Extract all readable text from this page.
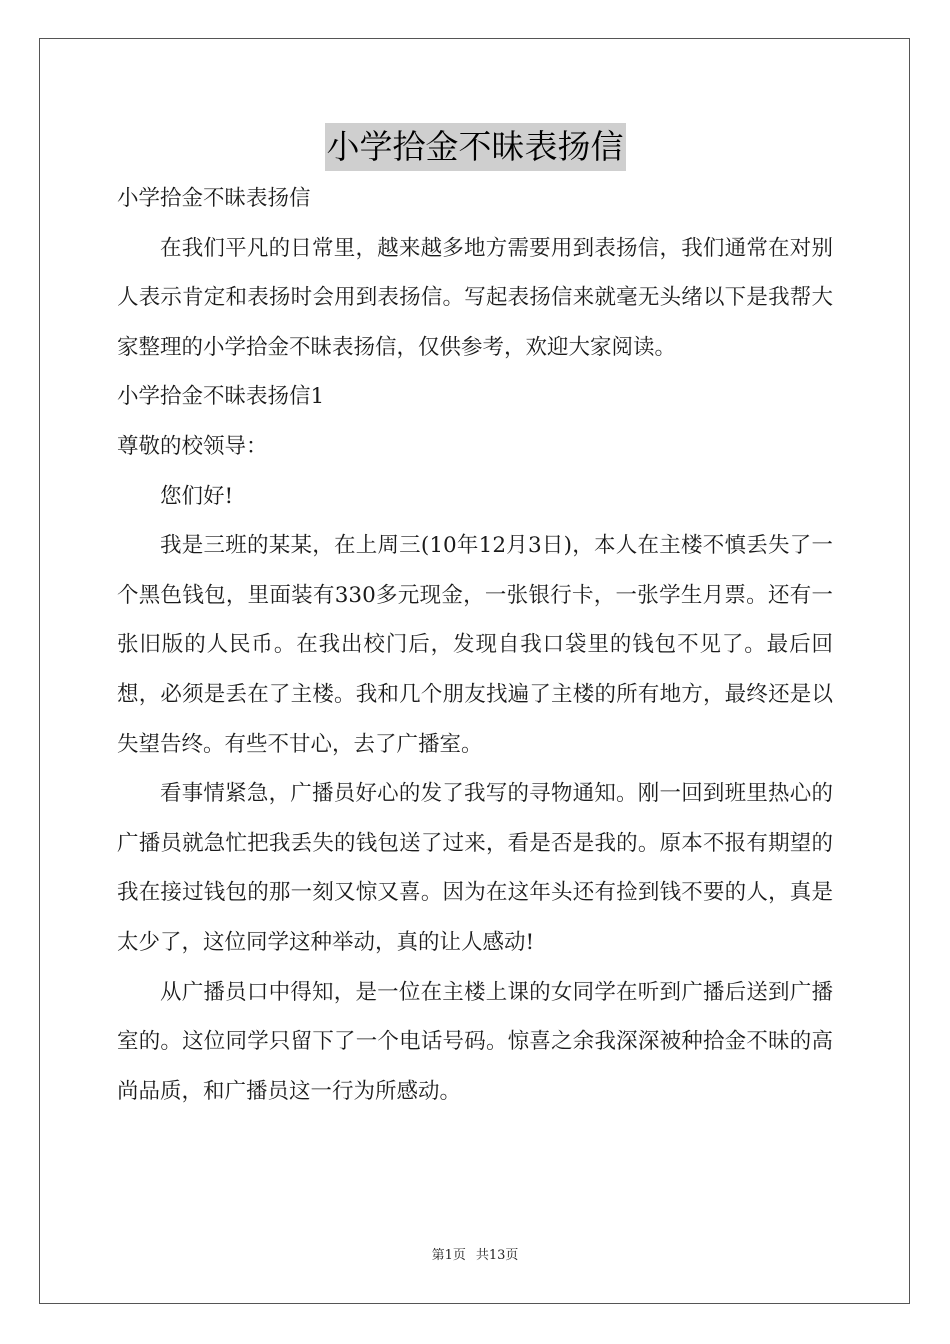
小学拾金不昧表扬信

小学拾金不昧表扬信

在我们平凡的日常里，越来越多地方需要用到表扬信，我们通常在对别人表示肯定和表扬时会用到表扬信。写起表扬信来就毫无头绪以下是我帮大家整理的小学拾金不昧表扬信，仅供参考，欢迎大家阅读。

小学拾金不昧表扬信1

尊敬的校领导：

您们好!

我是三班的某某，在上周三(10年12月3日)，本人在主楼不慎丢失了一个黑色钱包，里面装有330多元现金，一张银行卡，一张学生月票。还有一张旧版的人民币。在我出校门后，发现自我口袋里的钱包不见了。最后回想，必须是丢在了主楼。我和几个朋友找遍了主楼的所有地方，最终还是以失望告终。有些不甘心，去了广播室。

看事情紧急，广播员好心的发了我写的寻物通知。刚一回到班里热心的广播员就急忙把我丢失的钱包送了过来，看是否是我的。原本不报有期望的我在接过钱包的那一刻又惊又喜。因为在这年头还有捡到钱不要的人，真是太少了，这位同学这种举动，真的让人感动!

从广播员口中得知，是一位在主楼上课的女同学在听到广播后送到广播室的。这位同学只留下了一个电话号码。惊喜之余我深深被种拾金不昧的高尚品质，和广播员这一行为所感动。

第1页 共13页
